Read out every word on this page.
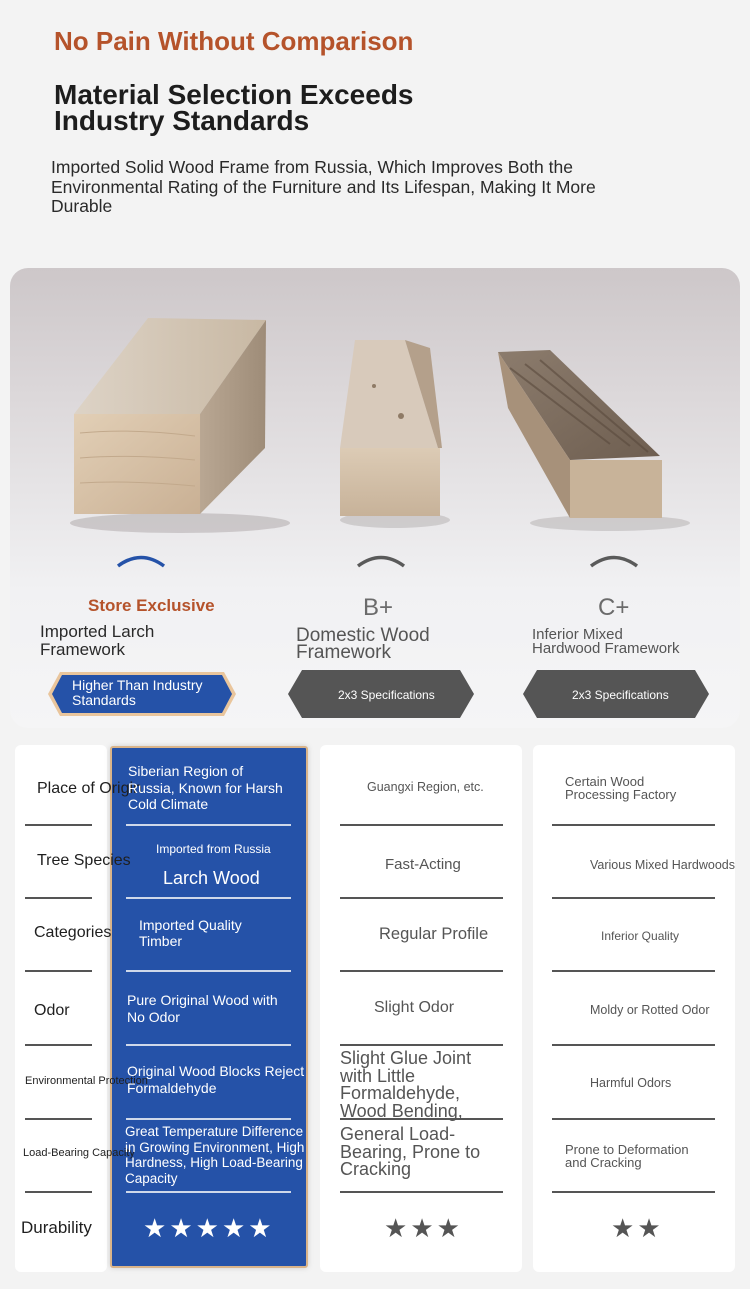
No Pain Without Comparison
Material Selection Exceeds
Industry Standards
Imported Solid Wood Frame from Russia, Which Improves Both the Environmental Rating of the Furniture and Its Lifespan, Making It More Durable
Store Exclusive
Imported Larch
Framework
B+
Domestic Wood
Framework
C+
Inferior Mixed
Hardwood Framework
Higher Than Industry
Standards	2x3 Specifications	2x3 Specifications
Place of Origin
Tree Species
Categories
Odor
Environmental Protection
Load-Bearing Capacity
Durability
Siberian Region of Russia, Known for Harsh Cold Climate
Imported from Russia
Larch Wood
Imported Quality Timber
Pure Original Wood with No Odor
Original Wood Blocks Reject Formaldehyde
Great Temperature Difference in Growing Environment, High Hardness, High Load-Bearing Capacity
★ ★ ★ ★ ★
Guangxi Region, etc.
Fast-Acting
Regular Profile
Slight Odor
Slight Glue Joint with Little Formaldehyde, Wood Bending,
General Load-Bearing, Prone to Cracking
★ ★ ★
Certain Wood Processing Factory
Various Mixed Hardwoods
Inferior Quality
Moldy or Rotted Odor
Harmful Odors
Prone to Deformation and Cracking
★ ★
